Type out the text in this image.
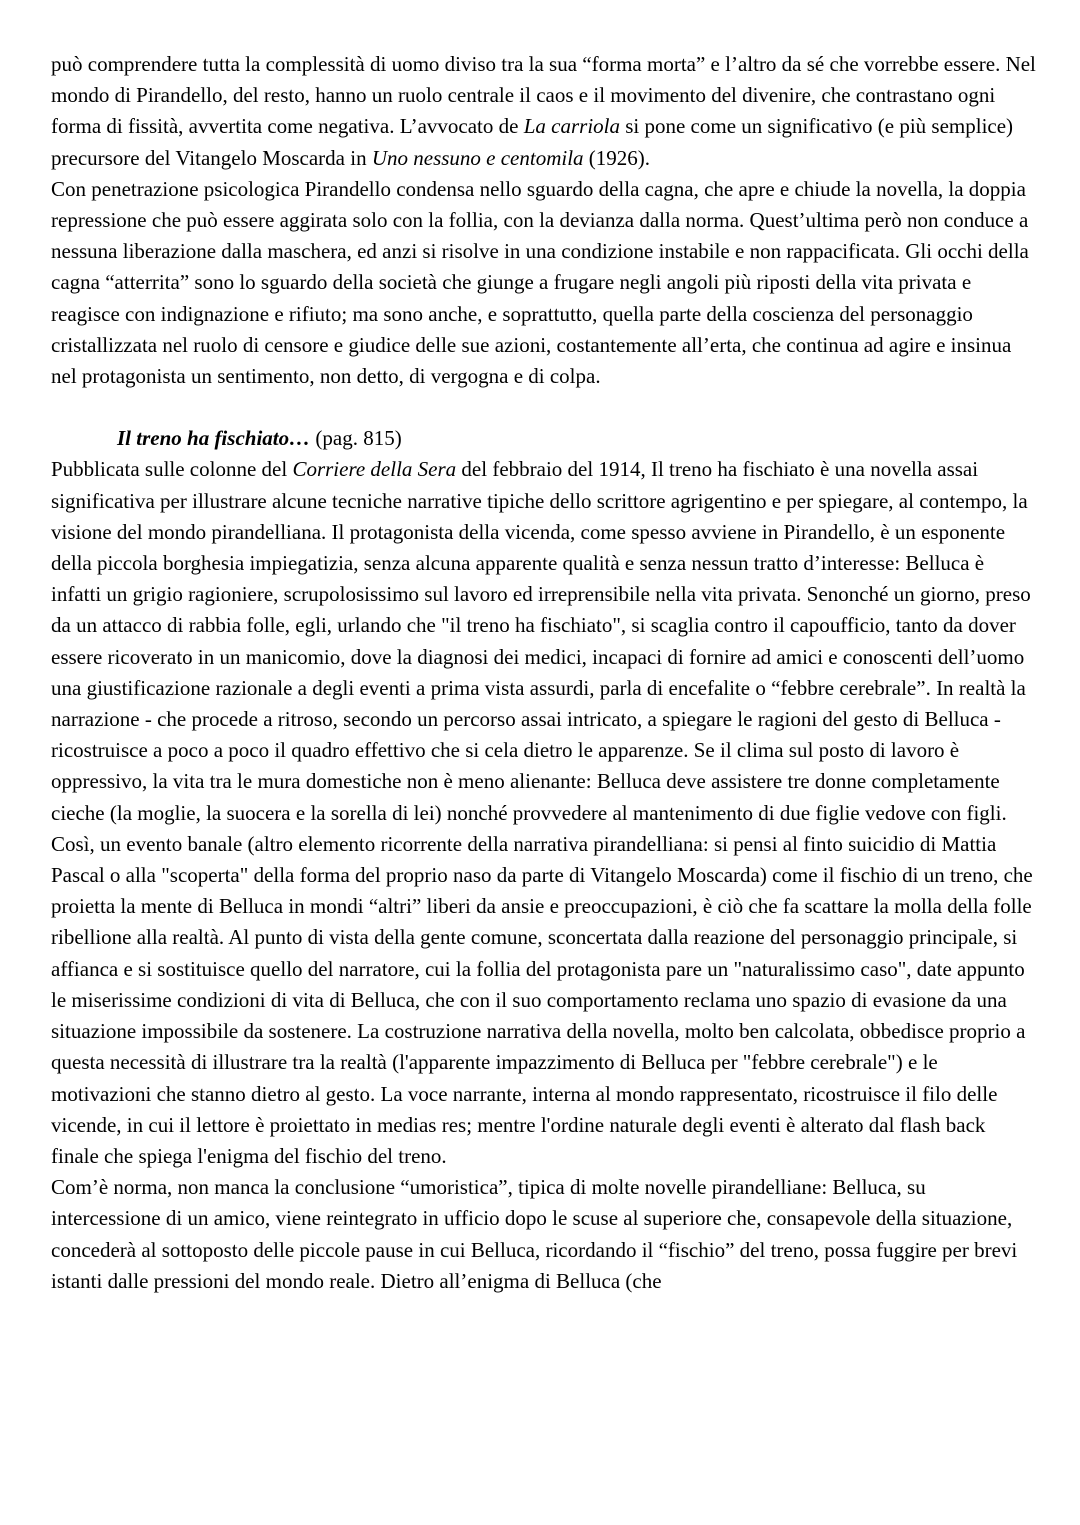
può comprendere tutta la complessità di uomo diviso tra la sua “forma morta” e l’altro da sé che vorrebbe essere. Nel mondo di Pirandello, del resto, hanno un ruolo centrale il caos e il movimento del divenire, che contrastano ogni forma di fissità, avvertita come negativa. L’avvocato de La carriola si pone come un significativo (e più semplice) precursore del Vitangelo Moscarda in Uno nessuno e centomila (1926).

Con penetrazione psicologica Pirandello condensa nello sguardo della cagna, che apre e chiude la novella, la doppia repressione che può essere aggirata solo con la follia, con la devianza dalla norma. Quest’ultima però non conduce a nessuna liberazione dalla maschera, ed anzi si risolve in una condizione instabile e non rappacificata. Gli occhi della cagna “atterrita” sono lo sguardo della società che giunge a frugare negli angoli più riposti della vita privata e reagisce con indignazione e rifiuto; ma sono anche, e soprattutto, quella parte della coscienza del personaggio cristallizzata nel ruolo di censore e giudice delle sue azioni, costantemente all’erta, che continua ad agire e insinua nel protagonista un sentimento, non detto, di vergogna e di colpa.

Il treno ha fischiato… (pag. 815)

Pubblicata sulle colonne del Corriere della Sera del febbraio del 1914, Il treno ha fischiato è una novella assai significativa per illustrare alcune tecniche narrative tipiche dello scrittore agrigentino e per spiegare, al contempo, la visione del mondo pirandelliana. Il protagonista della vicenda, come spesso avviene in Pirandello, è un esponente della piccola borghesia impiegatizia, senza alcuna apparente qualità e senza nessun tratto d’interesse: Belluca è infatti un grigio ragioniere, scrupolosissimo sul lavoro ed irreprensibile nella vita privata. Senonché un giorno, preso da un attacco di rabbia folle, egli, urlando che "il treno ha fischiato", si scaglia contro il capoufficio, tanto da dover essere ricoverato in un manicomio, dove la diagnosi dei medici, incapaci di fornire ad amici e conoscenti dell’uomo una giustificazione razionale a degli eventi a prima vista assurdi, parla di encefalite o “febbre cerebrale”. In realtà la narrazione - che procede a ritroso, secondo un percorso assai intricato, a spiegare le ragioni del gesto di Belluca - ricostruisce a poco a poco il quadro effettivo che si cela dietro le apparenze. Se il clima sul posto di lavoro è oppressivo, la vita tra le mura domestiche non è meno alienante: Belluca deve assistere tre donne completamente cieche (la moglie, la suocera e la sorella di lei) nonché provvedere al mantenimento di due figlie vedove con figli.

Così, un evento banale (altro elemento ricorrente della narrativa pirandelliana: si pensi al finto suicidio di Mattia Pascal o alla "scoperta" della forma del proprio naso da parte di Vitangelo Moscarda) come il fischio di un treno, che proietta la mente di Belluca in mondi “altri” liberi da ansie e preoccupazioni, è ciò che fa scattare la molla della folle ribellione alla realtà. Al punto di vista della gente comune, sconcertata dalla reazione del personaggio principale, si affianca e si sostituisce quello del narratore, cui la follia del protagonista pare un "naturalissimo caso", date appunto le miserissime condizioni di vita di Belluca, che con il suo comportamento reclama uno spazio di evasione da una situazione impossibile da sostenere. La costruzione narrativa della novella, molto ben calcolata, obbedisce proprio a questa necessità di illustrare tra la realtà (l'apparente impazzimento di Belluca per "febbre cerebrale") e le motivazioni che stanno dietro al gesto. La voce narrante, interna al mondo rappresentato, ricostruisce il filo delle vicende, in cui il lettore è proiettato in medias res; mentre l'ordine naturale degli eventi è alterato dal flash back finale che spiega l'enigma del fischio del treno.

Com’è norma, non manca la conclusione “umoristica”, tipica di molte novelle pirandelliane: Belluca, su intercessione di un amico, viene reintegrato in ufficio dopo le scuse al superiore che, consapevole della situazione, concederà al sottoposto delle piccole pause in cui Belluca, ricordando il “fischio” del treno, possa fuggire per brevi istanti dalle pressioni del mondo reale. Dietro all’enigma di Belluca (che
